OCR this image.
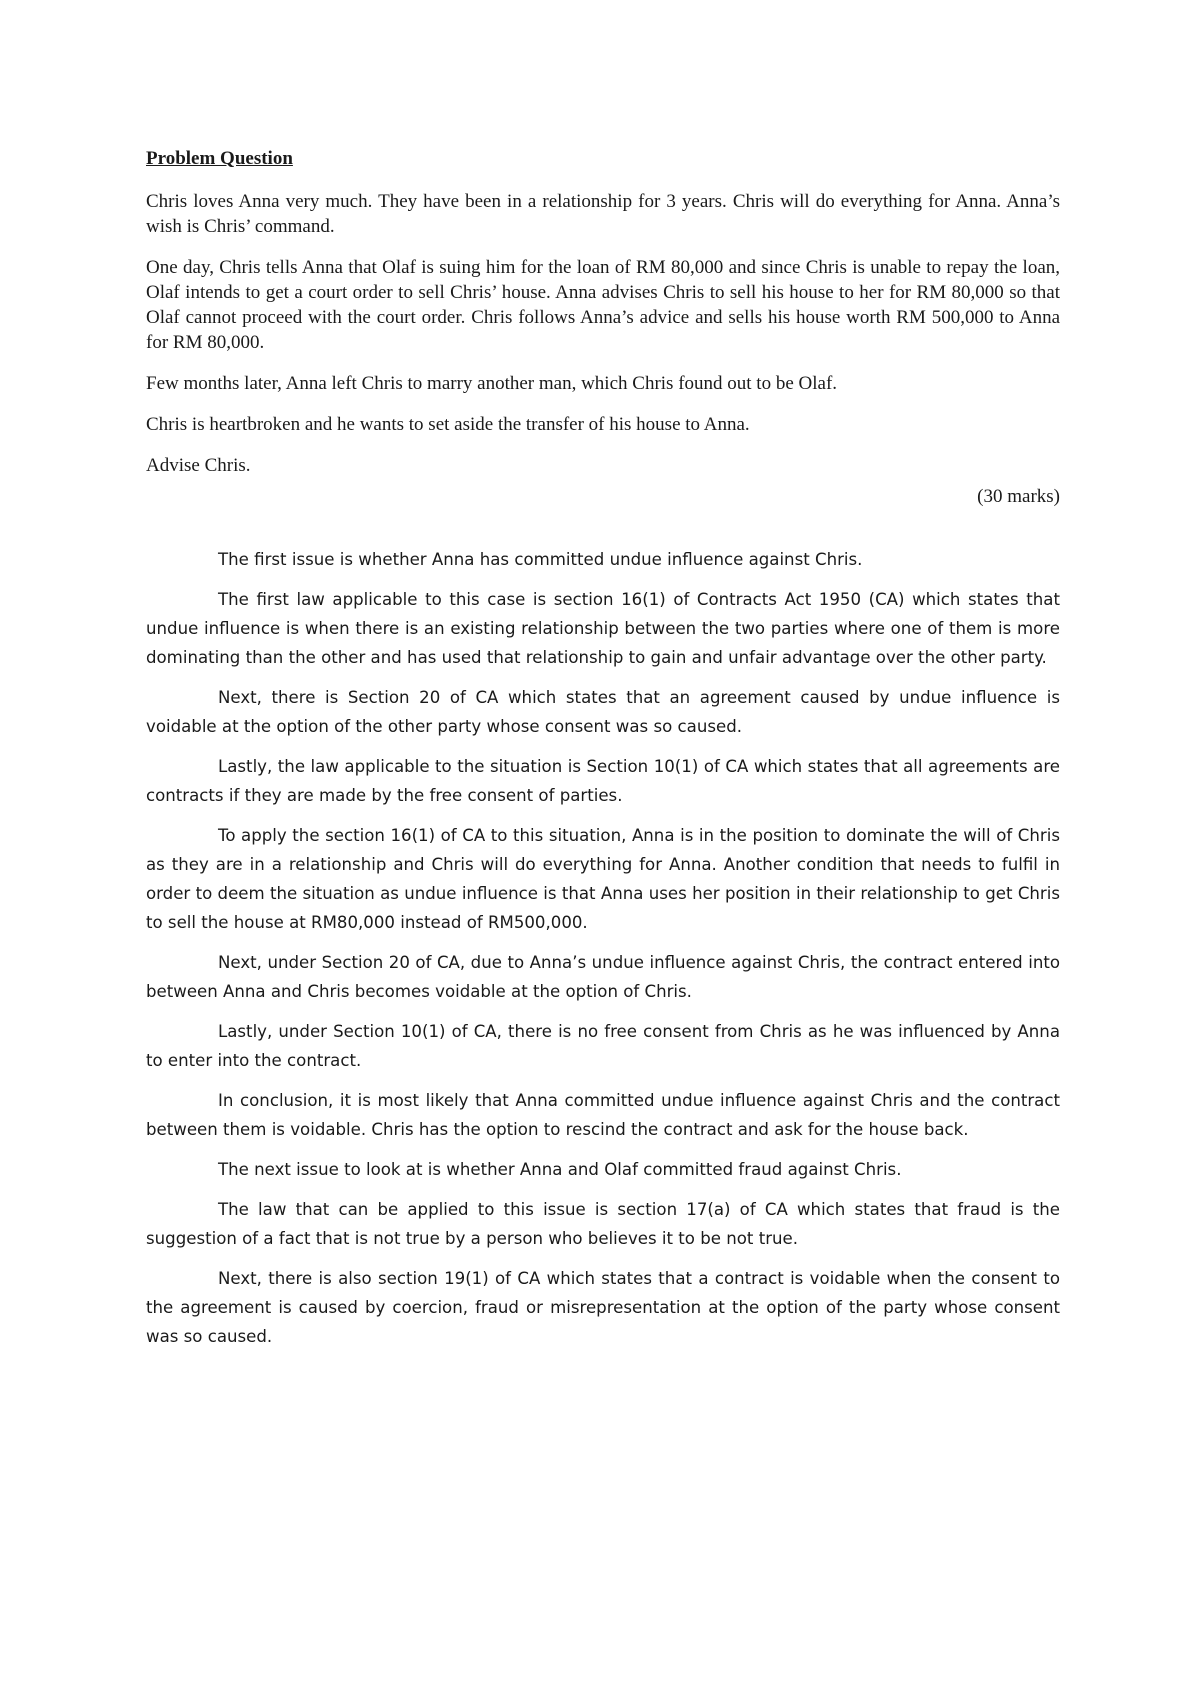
Problem Question

Chris loves Anna very much. They have been in a relationship for 3 years. Chris will do everything for Anna. Anna’s wish is Chris’ command.

One day, Chris tells Anna that Olaf is suing him for the loan of RM 80,000 and since Chris is unable to repay the loan, Olaf intends to get a court order to sell Chris’ house. Anna advises Chris to sell his house to her for RM 80,000 so that Olaf cannot proceed with the court order. Chris follows Anna’s advice and sells his house worth RM 500,000 to Anna for RM 80,000.

Few months later, Anna left Chris to marry another man, which Chris found out to be Olaf.

Chris is heartbroken and he wants to set aside the transfer of his house to Anna.

Advise Chris.

(30 marks)

The first issue is whether Anna has committed undue influence against Chris.

The first law applicable to this case is section 16(1) of Contracts Act 1950 (CA) which states that undue influence is when there is an existing relationship between the two parties where one of them is more dominating than the other and has used that relationship to gain and unfair advantage over the other party.

Next, there is Section 20 of CA which states that an agreement caused by undue influence is voidable at the option of the other party whose consent was so caused.

Lastly, the law applicable to the situation is Section 10(1) of CA which states that all agreements are contracts if they are made by the free consent of parties.

To apply the section 16(1) of CA to this situation, Anna is in the position to dominate the will of Chris as they are in a relationship and Chris will do everything for Anna. Another condition that needs to fulfil in order to deem the situation as undue influence is that Anna uses her position in their relationship to get Chris to sell the house at RM80,000 instead of RM500,000.

Next, under Section 20 of CA, due to Anna’s undue influence against Chris, the contract entered into between Anna and Chris becomes voidable at the option of Chris.

Lastly, under Section 10(1) of CA, there is no free consent from Chris as he was influenced by Anna to enter into the contract.

In conclusion, it is most likely that Anna committed undue influence against Chris and the contract between them is voidable. Chris has the option to rescind the contract and ask for the house back.

The next issue to look at is whether Anna and Olaf committed fraud against Chris.

The law that can be applied to this issue is section 17(a) of CA which states that fraud is the suggestion of a fact that is not true by a person who believes it to be not true.

Next, there is also section 19(1) of CA which states that a contract is voidable when the consent to the agreement is caused by coercion, fraud or misrepresentation at the option of the party whose consent was so caused.
